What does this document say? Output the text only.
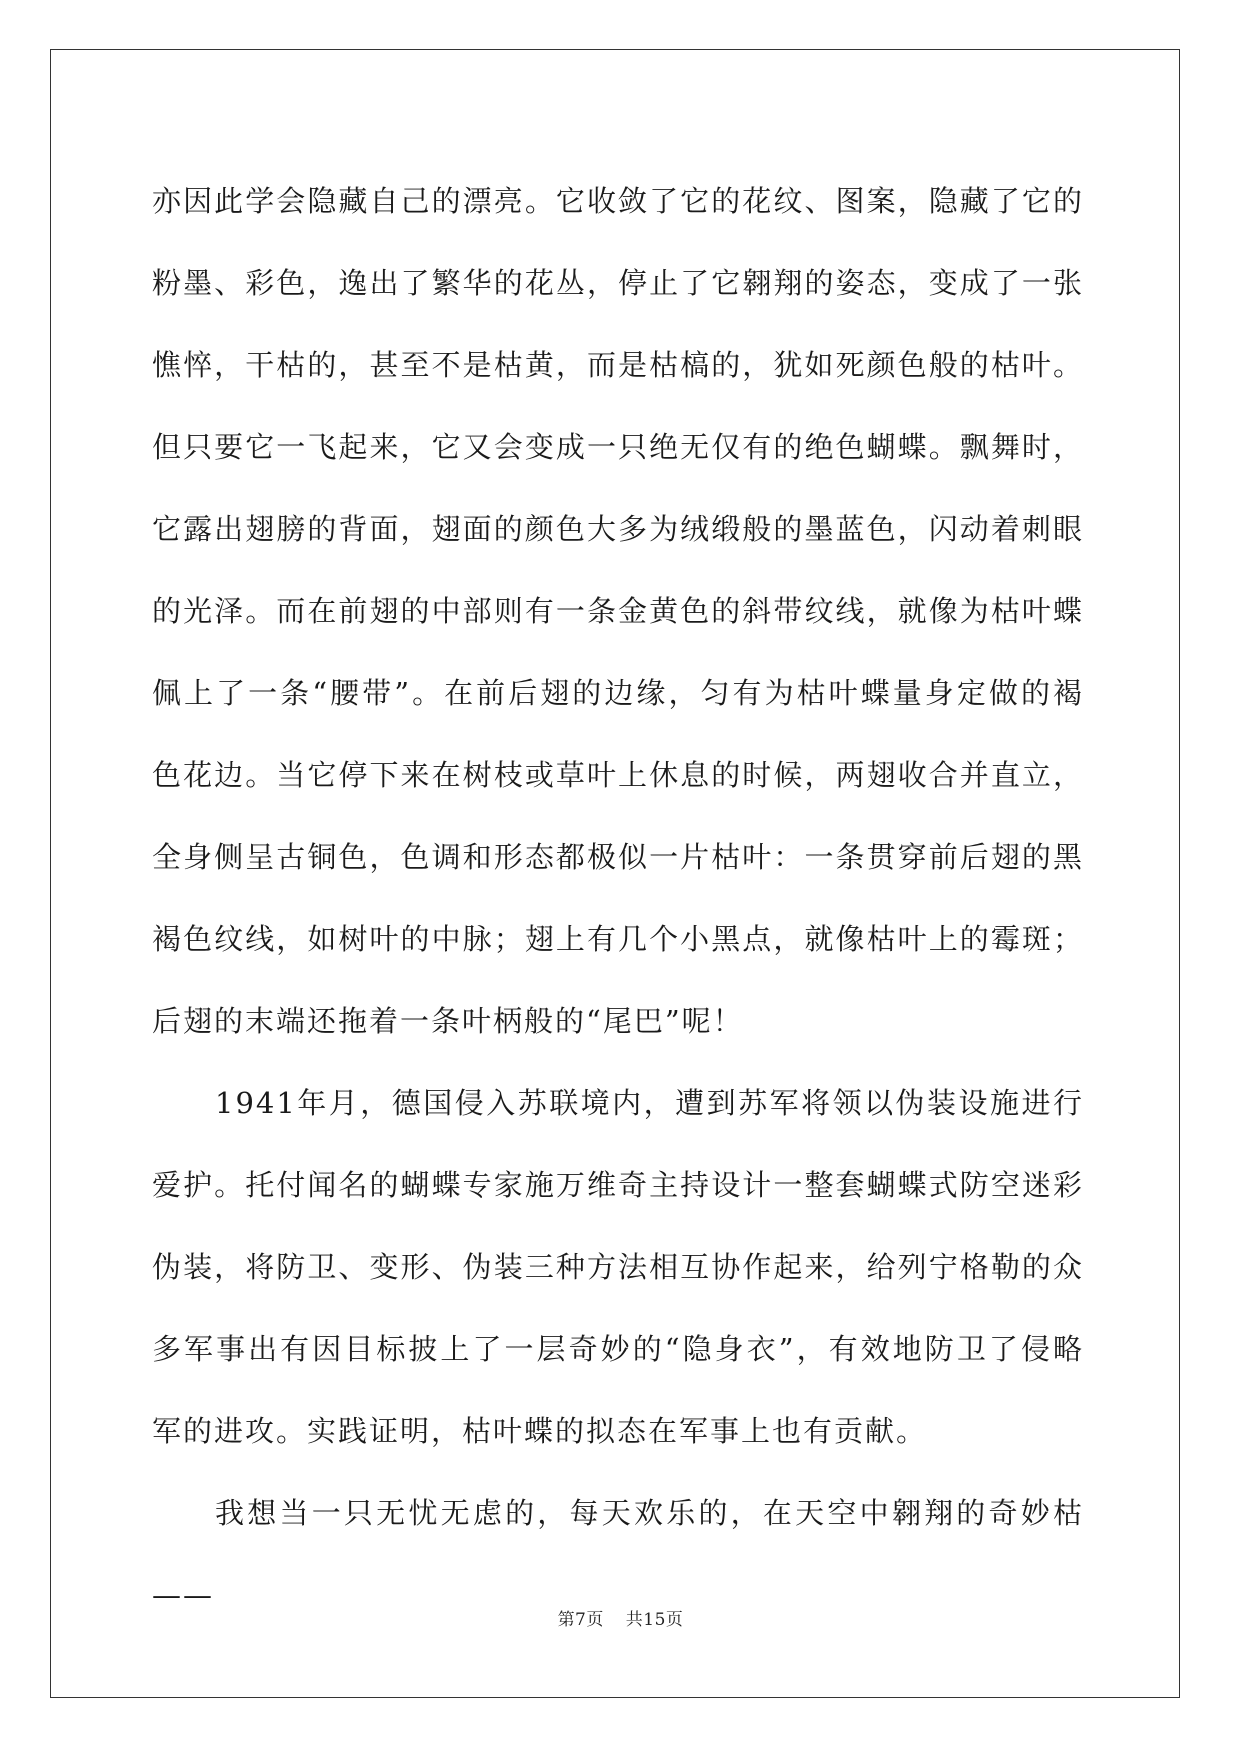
亦因此学会隐藏自己的漂亮。它收敛了它的花纹、图案，隐藏了它的粉墨、彩色，逸出了繁华的花丛，停止了它翱翔的姿态，变成了一张憔悴，干枯的，甚至不是枯黄，而是枯槁的，犹如死颜色般的枯叶。但只要它一飞起来，它又会变成一只绝无仅有的绝色蝴蝶。飘舞时，它露出翅膀的背面，翅面的颜色大多为绒缎般的墨蓝色，闪动着刺眼的光泽。而在前翅的中部则有一条金黄色的斜带纹线，就像为枯叶蝶佩上了一条“腰带”。在前后翅的边缘，匀有为枯叶蝶量身定做的褐色花边。当它停下来在树枝或草叶上休息的时候，两翅收合并直立，全身侧呈古铜色，色调和形态都极似一片枯叶：一条贯穿前后翅的黑褐色纹线，如树叶的中脉；翅上有几个小黑点，就像枯叶上的霉斑；后翅的末端还拖着一条叶柄般的“尾巴”呢！

1941年月，德国侵入苏联境内，遭到苏军将领以伪装设施进行爱护。托付闻名的蝴蝶专家施万维奇主持设计一整套蝴蝶式防空迷彩伪装，将防卫、变形、伪装三种方法相互协作起来，给列宁格勒的众多军事出有因目标披上了一层奇妙的“隐身衣”，有效地防卫了侵略军的进攻。实践证明，枯叶蝶的拟态在军事上也有贡献。

我想当一只无忧无虑的，每天欢乐的，在天空中翱翔的奇妙枯——

第7页 共15页
